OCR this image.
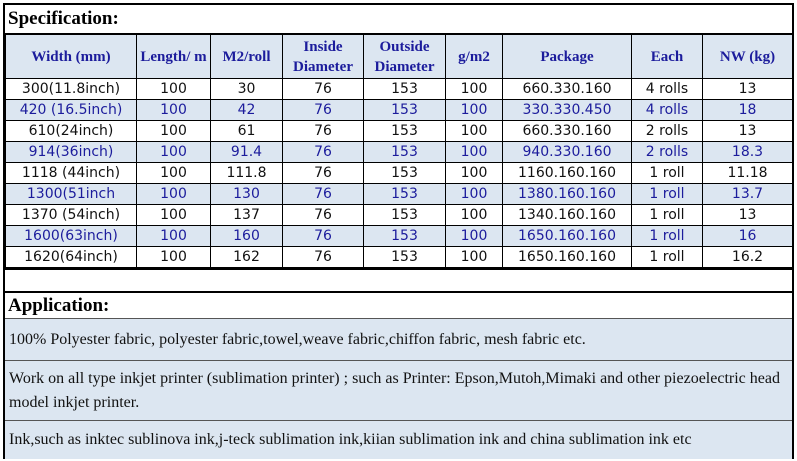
Specification:
Width (mm)	Length/ m	M2/roll	Inside Diameter	Outside Diameter	g/m2	Package	Each	NW (kg)
300(11.8inch)	100	30	76	153	100	660.330.160	4 rolls	13
420 (16.5inch)	100	42	76	153	100	330.330.450	4 rolls	18
610(24inch)	100	61	76	153	100	660.330.160	2 rolls	13
914(36inch)	100	91.4	76	153	100	940.330.160	2 rolls	18.3
1118 (44inch)	100	111.8	76	153	100	1160.160.160	1 roll	11.18
1300(51inch	100	130	76	153	100	1380.160.160	1 roll	13.7
1370 (54inch)	100	137	76	153	100	1340.160.160	1 roll	13
1600(63inch)	100	160	76	153	100	1650.160.160	1 roll	16
1620(64inch)	100	162	76	153	100	1650.160.160	1 roll	16.2
Application:
100% Polyester fabric, polyester fabric,towel,weave fabric,chiffon fabric, mesh fabric etc.
Work on all type inkjet printer (sublimation printer) ; such as Printer: Epson,Mutoh,Mimaki and other piezoelectric head model inkjet printer.
Ink,such as inktec sublinova ink,j-teck sublimation ink,kiian sublimation ink and china sublimation ink etc
